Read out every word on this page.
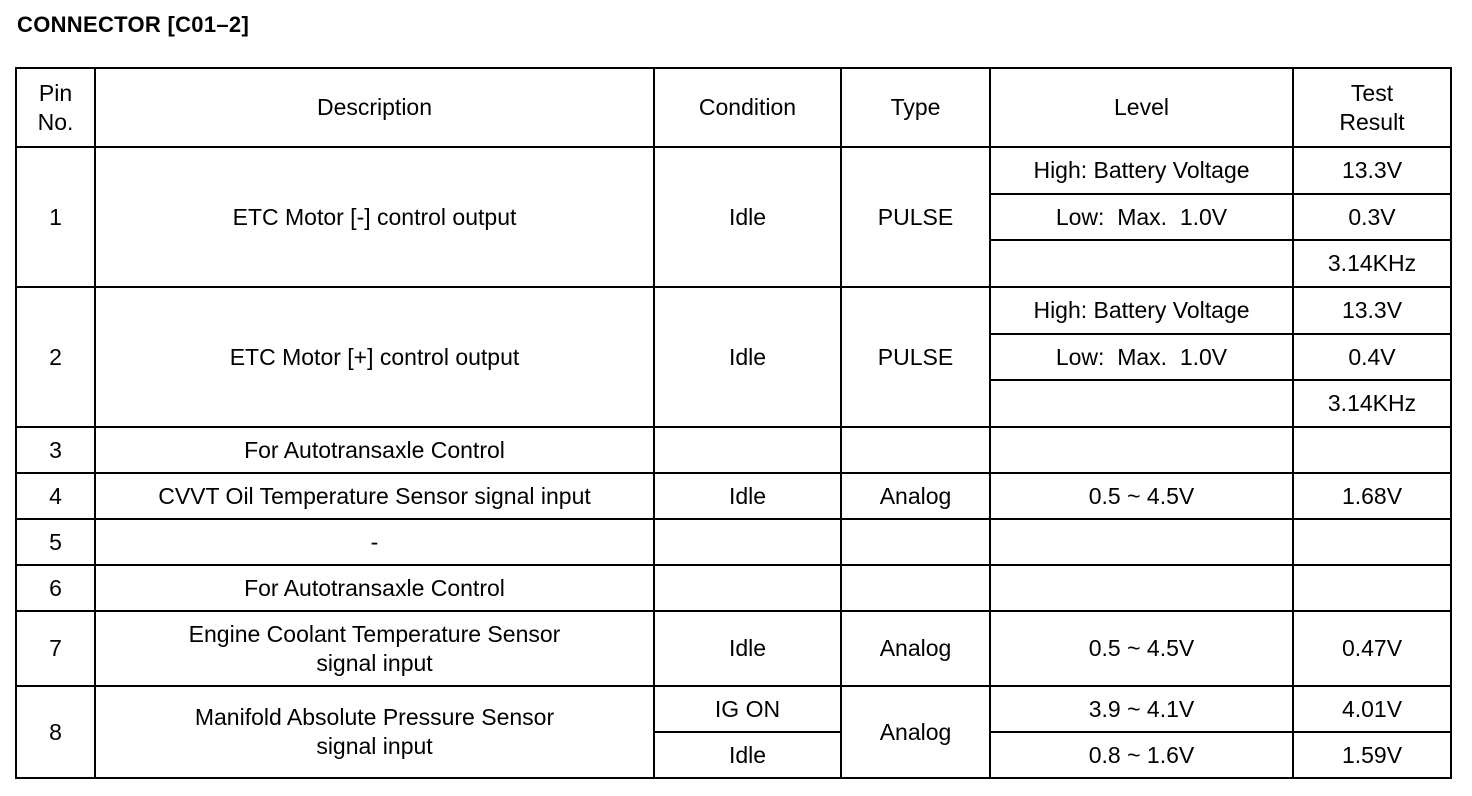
CONNECTOR [C01–2]
Pin
No.	Description	Condition	Type	Level	Test
Result
1	ETC Motor [-] control output	Idle	PULSE	High: Battery Voltage	13.3V
				Low:  Max.  1.0V	0.3V
					3.14KHz
2	ETC Motor [+] control output	Idle	PULSE	High: Battery Voltage	13.3V
				Low:  Max.  1.0V	0.4V
					3.14KHz
3	For Autotransaxle Control				
4	CVVT Oil Temperature Sensor signal input	Idle	Analog	0.5 ~ 4.5V	1.68V
5	-				
6	For Autotransaxle Control				
7	Engine Coolant Temperature Sensor
signal input	Idle	Analog	0.5 ~ 4.5V	0.47V
8	Manifold Absolute Pressure Sensor
signal input	IG ON	Analog	3.9 ~ 4.1V	4.01V
		Idle		0.8 ~ 1.6V	1.59V
